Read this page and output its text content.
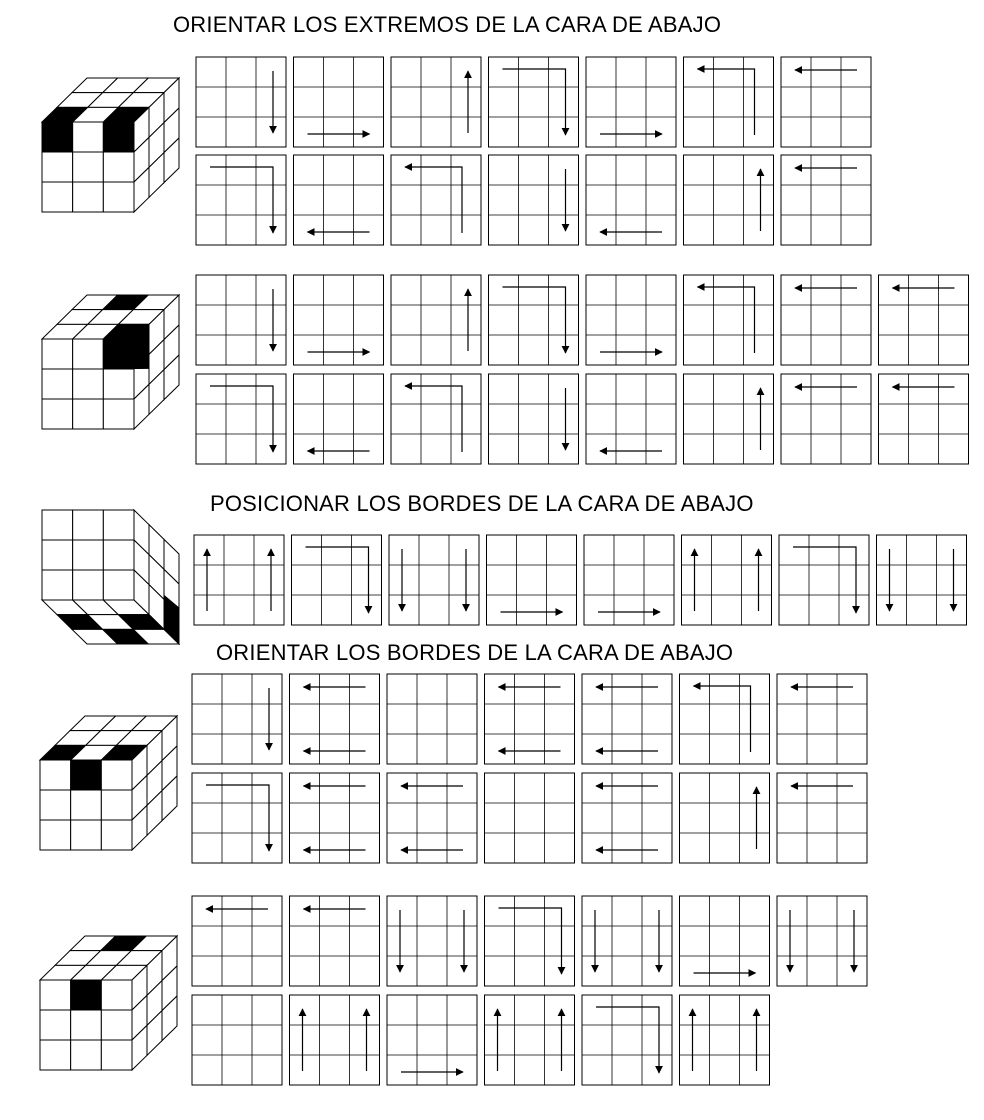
ORIENTAR LOS EXTREMOS DE LA CARA DE ABAJO
POSICIONAR LOS BORDES DE LA CARA DE ABAJO
ORIENTAR LOS BORDES DE LA CARA DE ABAJO
